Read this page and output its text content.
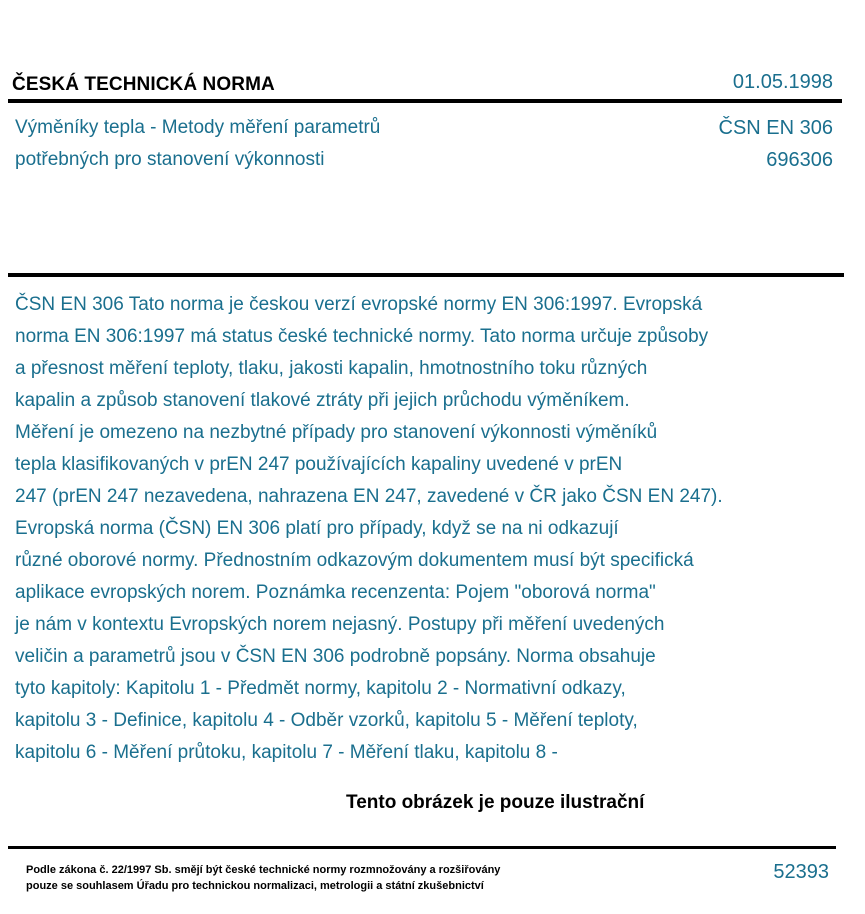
ČESKÁ TECHNICKÁ NORMA	01.05.1998
Výměníky tepla - Metody měření parametrů
potřebných pro stanovení výkonnosti
ČSN EN 306
696306
ČSN EN 306 Tato norma je českou verzí evropské normy EN 306:1997. Evropská
norma EN 306:1997 má status české technické normy. Tato norma určuje způsoby
a přesnost měření teploty, tlaku, jakosti kapalin, hmotnostního toku různých
kapalin a způsob stanovení tlakové ztráty při jejich průchodu výměníkem.
Měření je omezeno na nezbytné případy pro stanovení výkonnosti výměníků
tepla klasifikovaných v prEN 247 používajících kapaliny uvedené v prEN
247 (prEN 247 nezavedena, nahrazena EN 247, zavedené v ČR jako ČSN EN 247).
Evropská norma (ČSN) EN 306 platí pro případy, když se na ni odkazují
různé oborové normy. Přednostním odkazovým dokumentem musí být specifická
aplikace evropských norem. Poznámka recenzenta: Pojem "oborová norma"
je nám v kontextu Evropských norem nejasný. Postupy při měření uvedených
veličin a parametrů jsou v ČSN EN 306 podrobně popsány. Norma obsahuje
tyto kapitoly: Kapitolu 1 - Předmět normy, kapitolu 2 - Normativní odkazy,
kapitolu 3 - Definice, kapitolu 4 - Odběr vzorků, kapitolu 5 - Měření teploty,
kapitolu 6 - Měření průtoku, kapitolu 7 - Měření tlaku, kapitolu 8 -
Tento obrázek je pouze ilustrační
Podle zákona č. 22/1997 Sb. smějí být české technické normy rozmnožovány a rozšiřovány
pouze se souhlasem Úřadu pro technickou normalizaci, metrologii a státní zkušebnictví
52393
